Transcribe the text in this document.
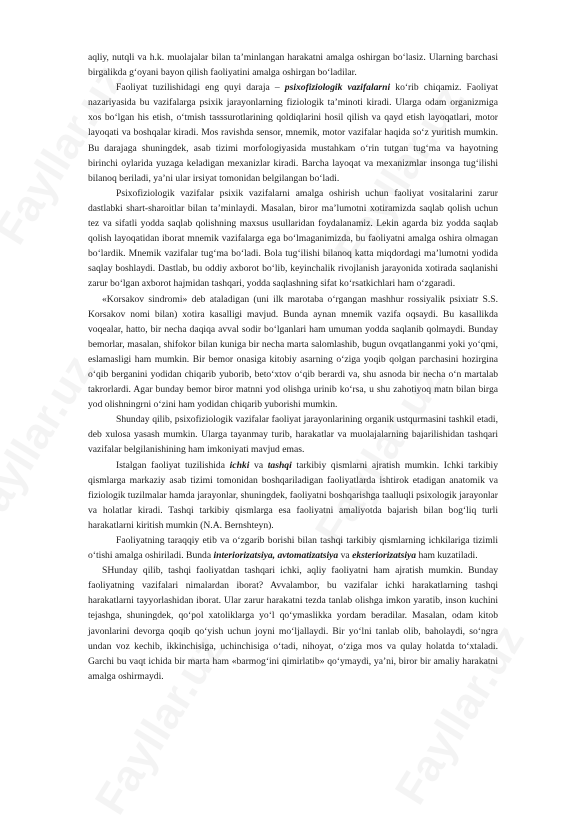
aqliy, nutqli va h.k. muolajalar bilan ta’minlangan harakatni amalga oshirgan bo‘lasiz. Ularning barchasi birgalikda g‘oyani bayon qilish faoliyatini amalga oshirgan bo‘ladilar.

Faoliyat tuzilishidagi eng quyi daraja – psixofiziologik vazifalarni ko‘rib chiqamiz. Faoliyat nazariyasida bu vazifalarga psixik jarayonlarning fiziologik ta’minoti kiradi. Ularga odam organizmiga xos bo‘lgan his etish, o‘tmish tasssurotlarining qoldiqlarini hosil qilish va qayd etish layoqatlari, motor layoqati va boshqalar kiradi. Mos ravishda sensor, mnemik, motor vazifalar haqida so‘z yuritish mumkin. Bu darajaga shuningdek, asab tizimi morfologiyasida mustahkam o‘rin tutgan tug‘ma va hayotning birinchi oylarida yuzaga keladigan mexanizlar kiradi. Barcha layoqat va mexanizmlar insonga tug‘ilishi bilanoq beriladi, ya’ni ular irsiyat tomonidan belgilangan bo‘ladi.

Psixofiziologik vazifalar psixik vazifalarni amalga oshirish uchun faoliyat vositalarini zarur dastlabki shart-sharoitlar bilan ta’minlaydi. Masalan, biror ma’lumotni xotiramizda saqlab qolish uchun tez va sifatli yodda saqlab qolishning maxsus usullaridan foydalanamiz. Lekin agarda biz yodda saqlab qolish layoqatidan iborat mnemik vazifalarga ega bo‘lmaganimizda, bu faoliyatni amalga oshira olmagan bo‘lardik. Mnemik vazifalar tug‘ma bo‘ladi. Bola tug‘ilishi bilanoq katta miqdordagi ma’lumotni yodida saqlay boshlaydi. Dastlab, bu oddiy axborot bo‘lib, keyinchalik rivojlanish jarayonida xotirada saqlanishi zarur bo‘lgan axborot hajmidan tashqari, yodda saqlashning sifat ko‘rsatkichlari ham o‘zgaradi.

«Korsakov sindromi» deb ataladigan (uni ilk marotaba o‘rgangan mashhur rossiyalik psixiatr S.S. Korsakov nomi bilan) xotira kasalligi mavjud. Bunda aynan mnemik vazifa oqsaydi. Bu kasallikda voqealar, hatto, bir necha daqiqa avval sodir bo‘lganlari ham umuman yodda saqlanib qolmaydi. Bunday bemorlar, masalan, shifokor bilan kuniga bir necha marta salomlashib, bugun ovqatlanganmi yoki yo‘qmi, eslamasligi ham mumkin. Bir bemor onasiga kitobiy asarning o‘ziga yoqib qolgan parchasini hozirgina o‘qib berganini yodidan chiqarib yuborib, beto‘xtov o‘qib berardi va, shu asnoda bir necha o‘n martalab takrorlardi. Agar bunday bemor biror matnni yod olishga urinib ko‘rsa, u shu zahotiyoq matn bilan birga yod olishningrni o‘zini ham yodidan chiqarib yuborishi mumkin.

Shunday qilib, psixofiziologik vazifalar faoliyat jarayonlarining organik ustqurmasini tashkil etadi, deb xulosa yasash mumkin. Ularga tayanmay turib, harakatlar va muolajalarning bajarilishidan tashqari vazifalar belgilanishining ham imkoniyati mavjud emas.

Istalgan faoliyat tuzilishida ichki va tashqi tarkibiy qismlarni ajratish mumkin. Ichki tarkibiy qismlarga markaziy asab tizimi tomonidan boshqariladigan faoliyatlarda ishtirok etadigan anatomik va fiziologik tuzilmalar hamda jarayonlar, shuningdek, faoliyatni boshqarishga taalluqli psixologik jarayonlar va holatlar kiradi. Tashqi tarkibiy qismlarga esa faoliyatni amaliyotda bajarish bilan bog‘liq turli harakatlarni kiritish mumkin (N.A. Bernshteyn).

Faoliyatning taraqqiy etib va o‘zgarib borishi bilan tashqi tarkibiy qismlarning ichkilariga tizimli o‘tishi amalga oshiriladi. Bunda interiorizatsiya, avtomatizatsiya va eksteriorizatsiya ham kuzatiladi.

SHunday qilib, tashqi faoliyatdan tashqari ichki, aqliy faoliyatni ham ajratish mumkin. Bunday faoliyatning vazifalari nimalardan iborat? Avvalambor, bu vazifalar ichki harakatlarning tashqi harakatlarni tayyorlashidan iborat. Ular zarur harakatni tezda tanlab olishga imkon yaratib, inson kuchini tejashga, shuningdek, qo‘pol xatoliklarga yo‘l qo‘ymaslikka yordam beradilar. Masalan, odam kitob javonlarini devorga qoqib qo‘yish uchun joyni mo‘ljallaydi. Bir yo‘lni tanlab olib, baholaydi, so‘ngra undan voz kechib, ikkinchisiga, uchinchisiga o‘tadi, nihoyat, o‘ziga mos va qulay holatda to‘xtaladi. Garchi bu vaqt ichida bir marta ham «barmog‘ini qimirlatib» qo‘ymaydi, ya’ni, biror bir amaliy harakatni amalga oshirmaydi.
